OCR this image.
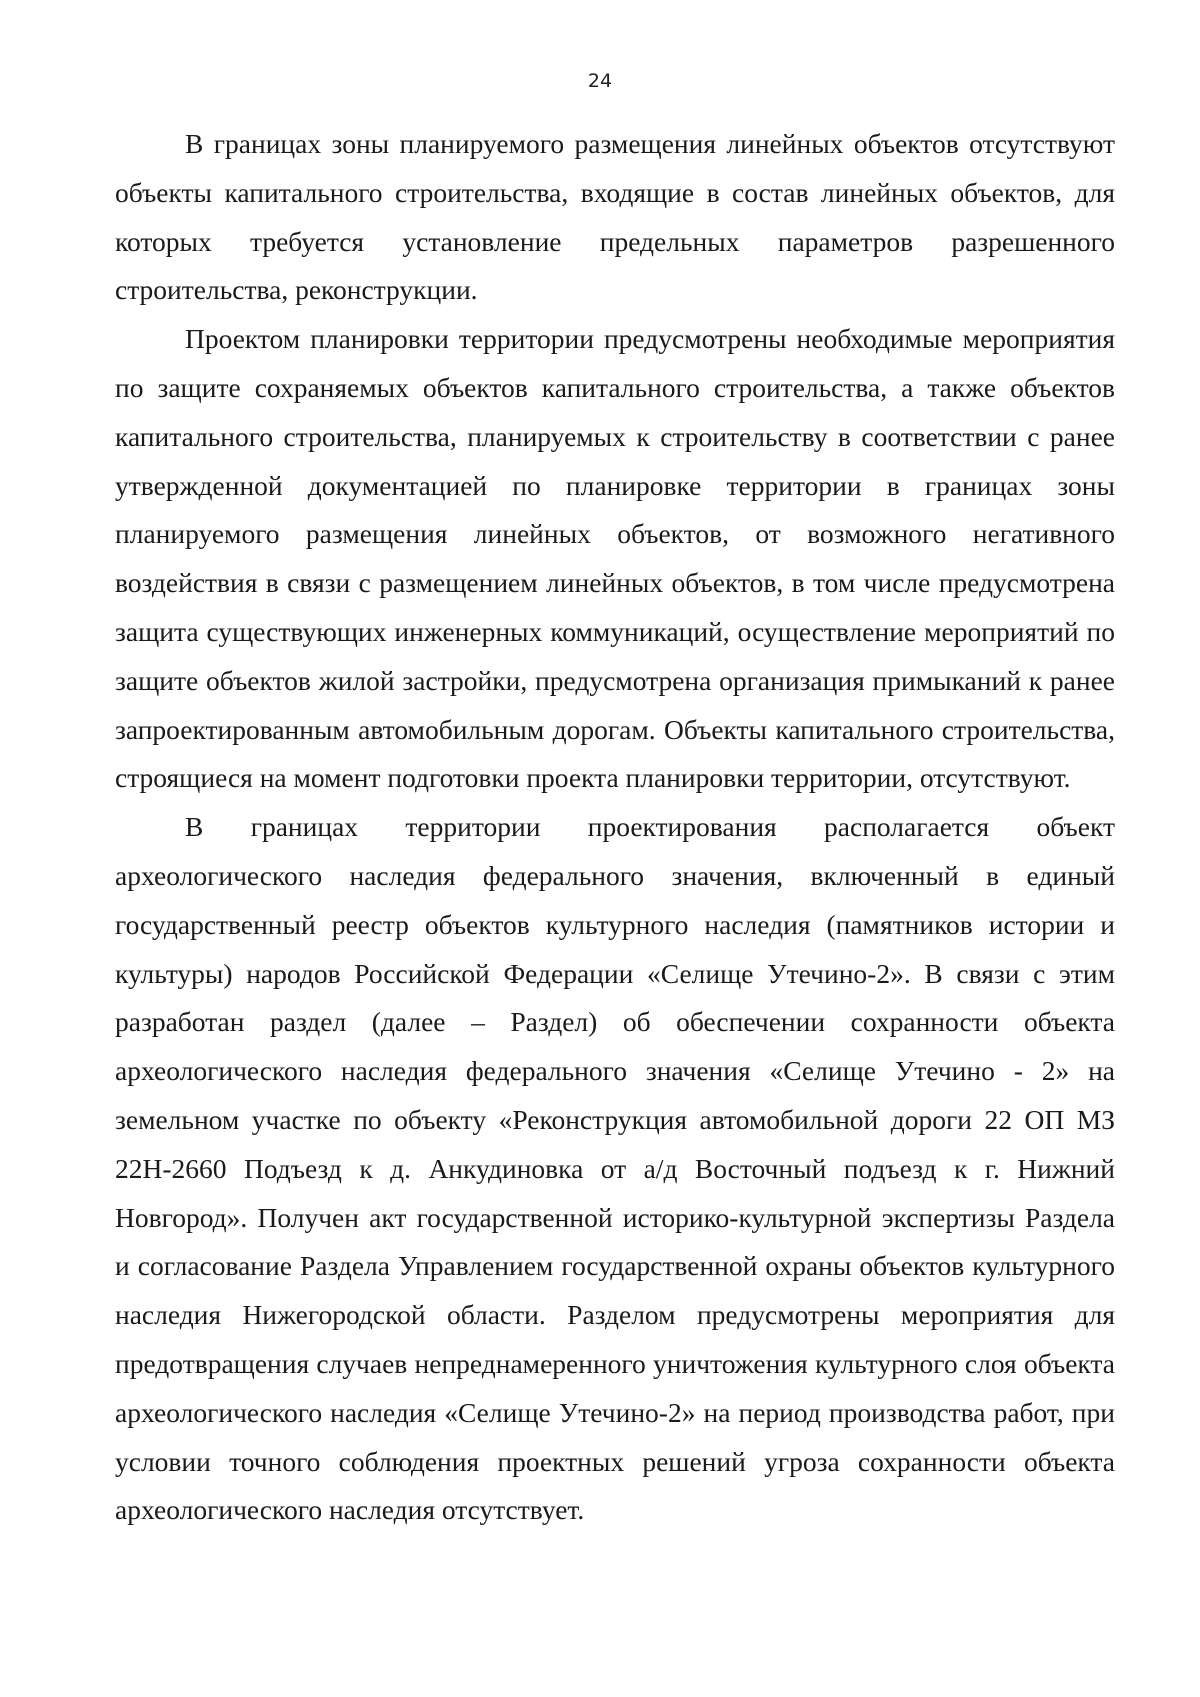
24

В границах зоны планируемого размещения линейных объектов отсутствуют объекты капитального строительства, входящие в состав линейных объектов, для которых требуется установление предельных параметров разрешенного строительства, реконструкции.

Проектом планировки территории предусмотрены необходимые мероприятия по защите сохраняемых объектов капитального строительства, а также объектов капитального строительства, планируемых к строительству в соответствии с ранее утвержденной документацией по планировке территории в границах зоны планируемого размещения линейных объектов, от возможного негативного воздействия в связи с размещением линейных объектов, в том числе предусмотрена защита существующих инженерных коммуникаций, осуществление мероприятий по защите объектов жилой застройки, предусмотрена организация примыканий к ранее запроектированным автомобильным дорогам. Объекты капитального строительства, строящиеся на момент подготовки проекта планировки территории, отсутствуют.

В границах территории проектирования располагается объект археологического наследия федерального значения, включенный в единый государственный реестр объектов культурного наследия (памятников истории и культуры) народов Российской Федерации «Селище Утечино-2». В связи с этим разработан раздел (далее – Раздел) об обеспечении сохранности объекта археологического наследия федерального значения «Селище Утечино - 2» на земельном участке по объекту «Реконструкция автомобильной дороги 22 ОП МЗ 22Н-2660 Подъезд к д. Анкудиновка от а/д Восточный подъезд к г. Нижний Новгород». Получен акт государственной историко-культурной экспертизы Раздела и согласование Раздела Управлением государственной охраны объектов культурного наследия Нижегородской области. Разделом предусмотрены мероприятия для предотвращения случаев непреднамеренного уничтожения культурного слоя объекта археологического наследия «Селище Утечино-2» на период производства работ, при условии точного соблюдения проектных решений угроза сохранности объекта археологического наследия отсутствует.
